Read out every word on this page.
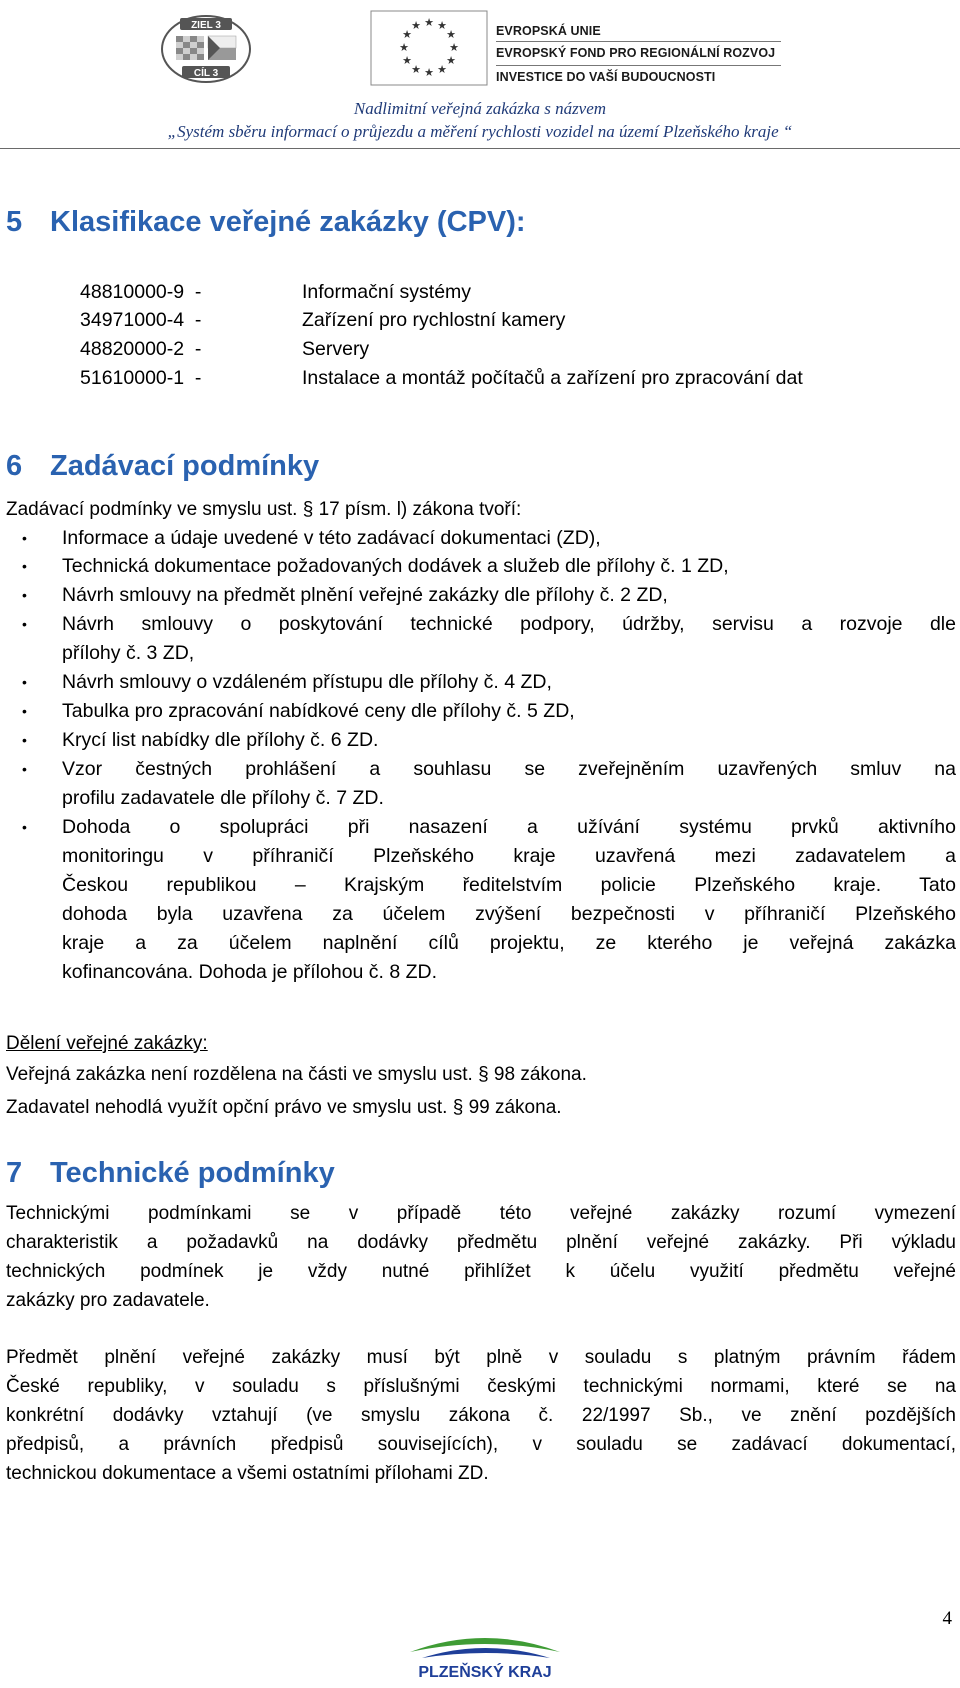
ZIEL 3
CÍL 3
★ ★
★
★
★
★
★
★
★
★
★
★	EVROPSKÁ UNIE
EVROPSKÝ FOND PRO REGIONÁLNÍ ROZVOJ
INVESTICE DO VAŠÍ BUDOUCNOSTI
Nadlimitní veřejná zakázka s názvem
„Systém sběru informací o průjezdu a měření rychlosti vozidel na území Plzeňského kraje “
5 Klasifikace veřejné zakázky (CPV):
48810000-9  -	Informační systémy
34971000-4  -	Zařízení pro rychlostní kamery
48820000-2  -	Servery
51610000-1  -	Instalace a montáž počítačů a zařízení pro zpracování dat
6 Zadávací podmínky
Zadávací podmínky ve smyslu ust. § 17 písm. l) zákona tvoří:
• Informace a údaje uvedené v této zadávací dokumentaci (ZD),
• Technická dokumentace požadovaných dodávek a služeb dle přílohy č. 1 ZD,
• Návrh smlouvy na předmět plnění veřejné zakázky dle přílohy č. 2 ZD,
• Návrh smlouvy o poskytování technické podpory, údržby, servisu a rozvoje dle
přílohy č. 3 ZD,
• Návrh smlouvy o vzdáleném přístupu dle přílohy č. 4 ZD,
• Tabulka pro zpracování nabídkové ceny dle přílohy č. 5 ZD,
• Krycí list nabídky dle přílohy č. 6 ZD.
• Vzor čestných prohlášení a souhlasu se zveřejněním uzavřených smluv na
profilu zadavatele dle přílohy č. 7 ZD.
• Dohoda o spolupráci při nasazení a užívání systému prvků aktivního
monitoringu v příhraničí Plzeňského kraje uzavřená mezi zadavatelem a
Českou republikou – Krajským ředitelstvím policie Plzeňského kraje. Tato
dohoda byla uzavřena za účelem zvýšení bezpečnosti v příhraničí Plzeňského
kraje a za účelem naplnění cílů projektu, ze kterého je veřejná zakázka
kofinancována. Dohoda je přílohou č. 8 ZD.
Dělení veřejné zakázky:
Veřejná zakázka není rozdělena na části ve smyslu ust. § 98 zákona.
Zadavatel nehodlá využít opční právo ve smyslu ust. § 99 zákona.
7 Technické podmínky
Technickými podmínkami se v případě této veřejné zakázky rozumí vymezení
charakteristik a požadavků na dodávky předmětu plnění veřejné zakázky. Při výkladu
technických podmínek je vždy nutné přihlížet k účelu využití předmětu veřejné
zakázky pro zadavatele.
Předmět plnění veřejné zakázky musí být plně v souladu s platným právním řádem
České republiky, v souladu s příslušnými českými technickými normami, které se na
konkrétní dodávky vztahují (ve smyslu zákona č. 22/1997 Sb., ve znění pozdějších
předpisů, a právních předpisů souvisejících), v souladu se zadávací dokumentací,
technickou dokumentace a všemi ostatními přílohami ZD.
4
PLZEŇSKÝ KRAJ
